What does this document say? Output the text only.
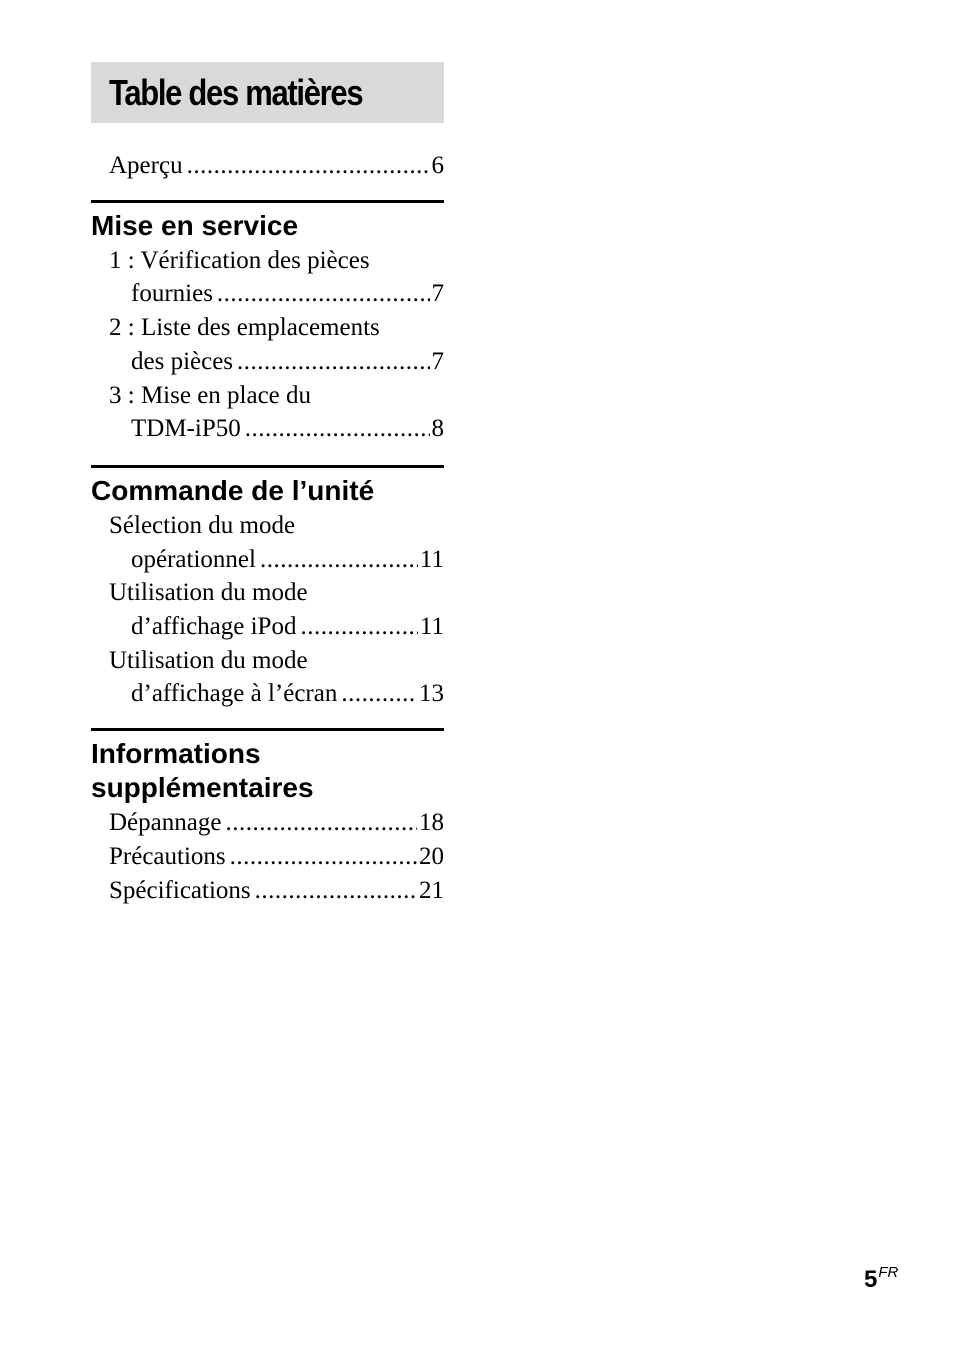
Table des matières
Aperçu .....	6
Mise en service
1 : Vérification des pièces
fournies .....	7
2 : Liste des emplacements
des pièces .....	7
3 : Mise en place du
TDM-iP50 .....	8
Commande de l’unité
Sélection du mode
opérationnel .....	11
Utilisation du mode
d’affichage iPod .....	11
Utilisation du mode
d’affichage à l’écran .....	13
Informations
supplémentaires
Dépannage .....	18
Précautions .....	20
Spécifications .....	21
$5^{FR}$
